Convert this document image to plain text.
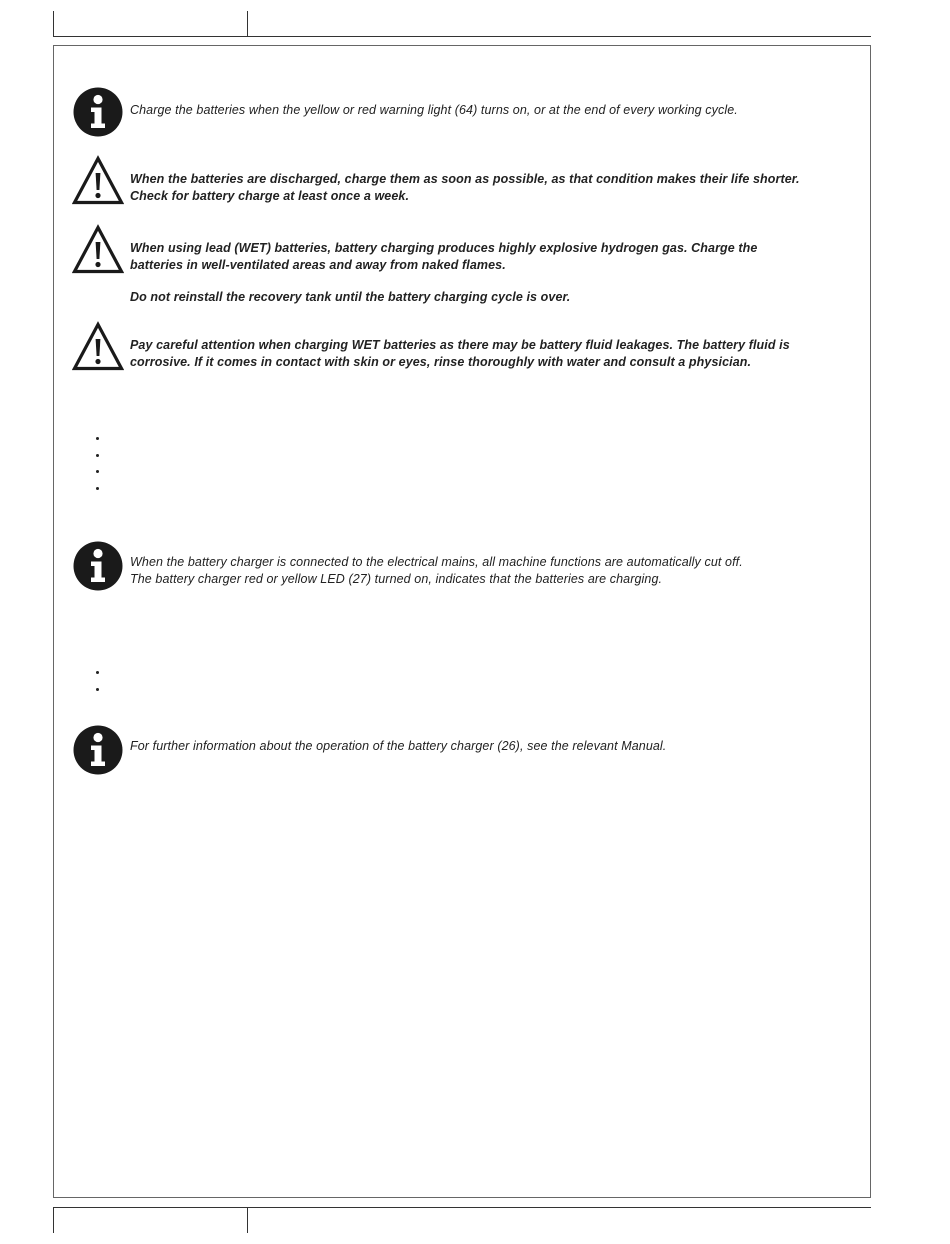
Charge the batteries when the yellow or red warning light (64) turns on, or at the end of every working cycle.

When the batteries are discharged, charge them as soon as possible, as that condition makes their life shorter.

Check for battery charge at least once a week.

When using lead (WET) batteries, battery charging produces highly explosive hydrogen gas. Charge the

batteries in well-ventilated areas and away from naked flames.

Do not reinstall the recovery tank until the battery charging cycle is over.

Pay careful attention when charging WET batteries as there may be battery fluid leakages. The battery fluid is

corrosive. If it comes in contact with skin or eyes, rinse thoroughly with water and consult a physician.

When the battery charger is connected to the electrical mains, all machine functions are automatically cut off.

The battery charger red or yellow LED (27) turned on, indicates that the batteries are charging.

For further information about the operation of the battery charger (26), see the relevant Manual.
